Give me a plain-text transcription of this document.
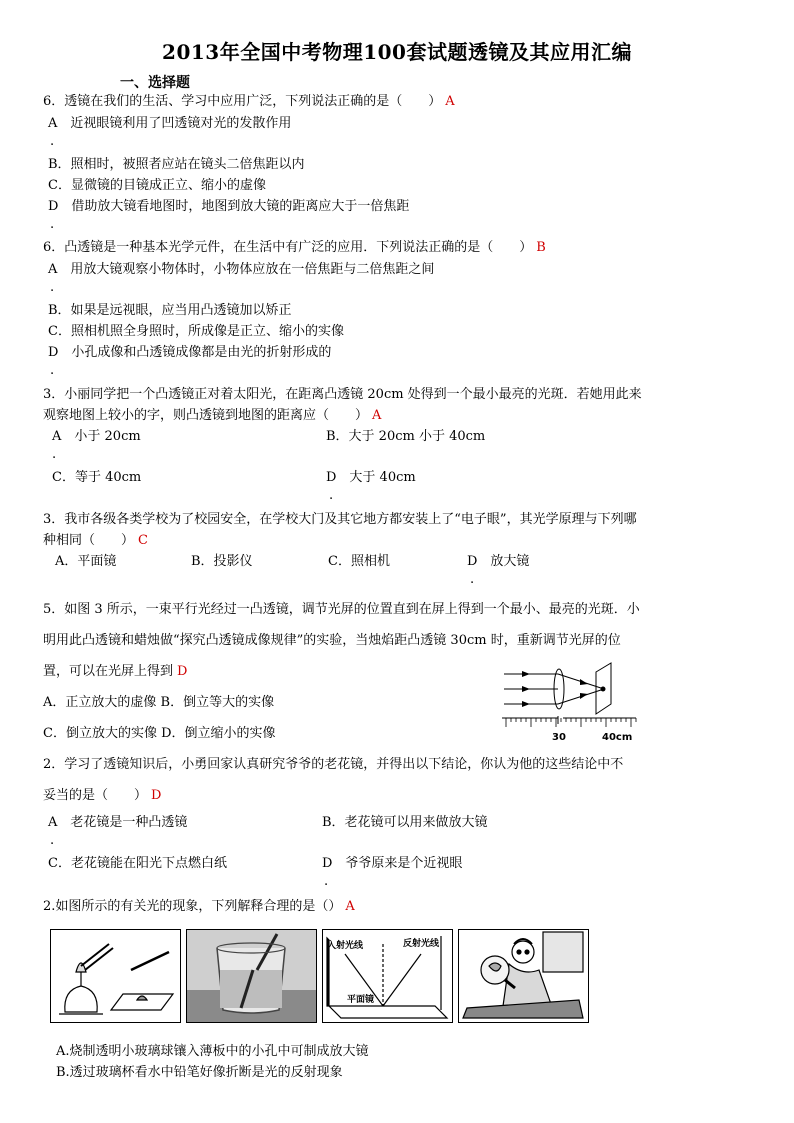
2013年全国中考物理100套试题透镜及其应用汇编
一、选择题
6．透镜在我们的生活、学习中应用广泛，下列说法正确的是（　　） A
A　近视眼镜利用了凹透镜对光的发散作用
.
B．照相时，被照者应站在镜头二倍焦距以内
C．显微镜的目镜成正立、缩小的虚像
D　借助放大镜看地图时，地图到放大镜的距离应大于一倍焦距
.
6．凸透镜是一种基本光学元件，在生活中有广泛的应用．下列说法正确的是（　　） B
A　用放大镜观察小物体时，小物体应放在一倍焦距与二倍焦距之间
.
B．如果是远视眼，应当用凸透镜加以矫正
C．照相机照全身照时，所成像是正立、缩小的实像
D　小孔成像和凸透镜成像都是由光的折射形成的
.
3．小丽同学把一个凸透镜正对着太阳光，在距离凸透镜 20cm 处得到一个最小最亮的光斑．若她用此来
观察地图上较小的字，则凸透镜到地图的距离应（　　） A
A　小于 20cm	B．大于 20cm 小于 40cm
.
C．等于 40cm	D　大于 40cm
.
3．我市各级各类学校为了校园安全，在学校大门及其它地方都安装上了“电子眼”，其光学原理与下列哪
种相同（　　） C
A．平面镜	B．投影仪	C．照相机	D　放大镜
.
5．如图 3 所示，一束平行光经过一凸透镜，调节光屏的位置直到在屏上得到一个最小、最亮的光斑．小
明用此凸透镜和蜡烛做“探究凸透镜成像规律”的实验，当烛焰距凸透镜 30cm 时，重新调节光屏的位
置，可以在光屏上得到 D
A．正立放大的虚像 B．倒立等大的实像
C．倒立放大的实像 D．倒立缩小的实像	30	40cm
2．学习了透镜知识后，小勇回家认真研究爷爷的老花镜，并得出以下结论，你认为他的这些结论中不
妥当的是（　　） D
A　老花镜是一种凸透镜	B．老花镜可以用来做放大镜
.
C．老花镜能在阳光下点燃白纸	D　爷爷原来是个近视眼
.
2.如图所示的有关光的现象，下列解释合理的是（） A
入射光线	反射光线
平面镜
A.烧制透明小玻璃球镶入薄板中的小孔中可制成放大镜
B.透过玻璃杯看水中铅笔好像折断是光的反射现象
